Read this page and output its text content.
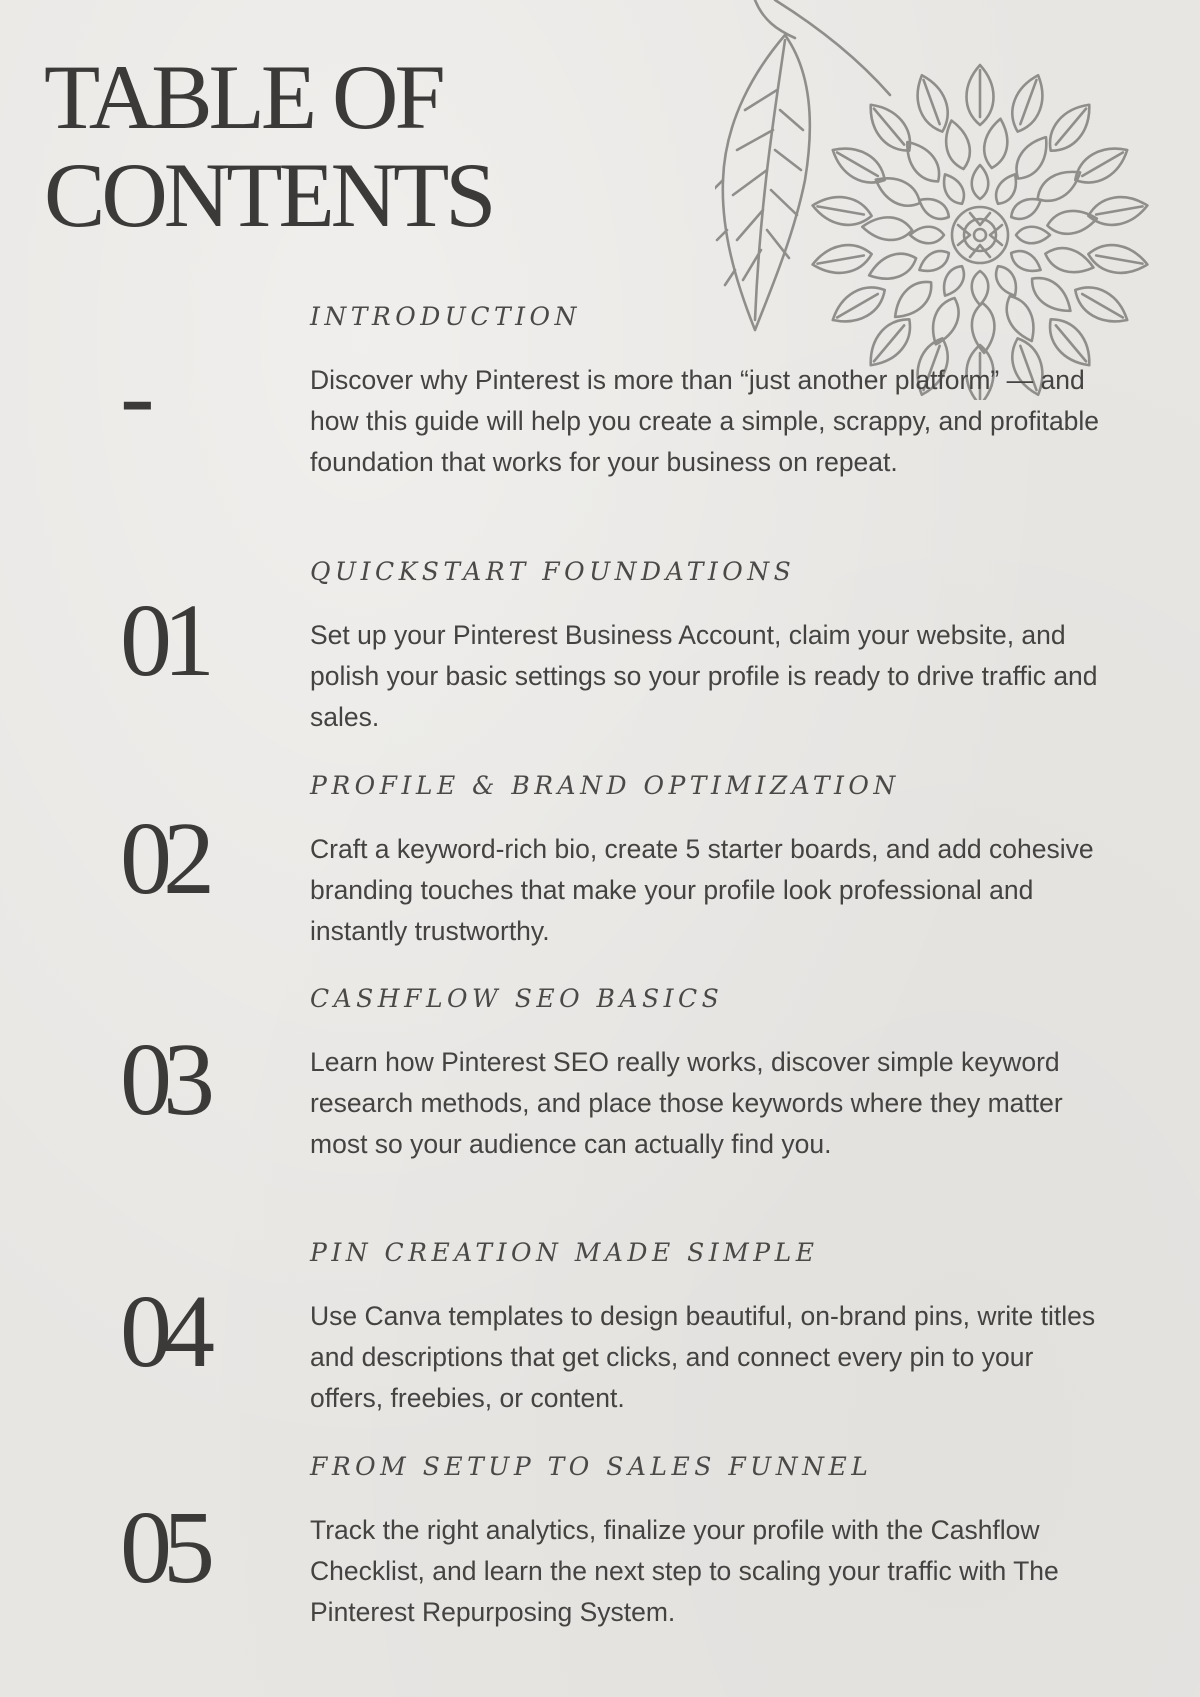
TABLE OF
CONTENTS
-
INTRODUCTION

Discover why Pinterest is more than “just another platform” — and how this guide will help you create a simple, scrappy, and profitable foundation that works for your business on repeat.

01
QUICKSTART FOUNDATIONS

Set up your Pinterest Business Account, claim your website, and polish your basic settings so your profile is ready to drive traffic and sales.

02
PROFILE & BRAND OPTIMIZATION

Craft a keyword-rich bio, create 5 starter boards, and add cohesive branding touches that make your profile look professional and instantly trustworthy.

03
CASHFLOW SEO BASICS

Learn how Pinterest SEO really works, discover simple keyword research methods, and place those keywords where they matter most so your audience can actually find you.

04
PIN CREATION MADE SIMPLE

Use Canva templates to design beautiful, on-brand pins, write titles and descriptions that get clicks, and connect every pin to your offers, freebies, or content.

05
FROM SETUP TO SALES FUNNEL

Track the right analytics, finalize your profile with the Cashflow Checklist, and learn the next step to scaling your traffic with The Pinterest Repurposing System.
